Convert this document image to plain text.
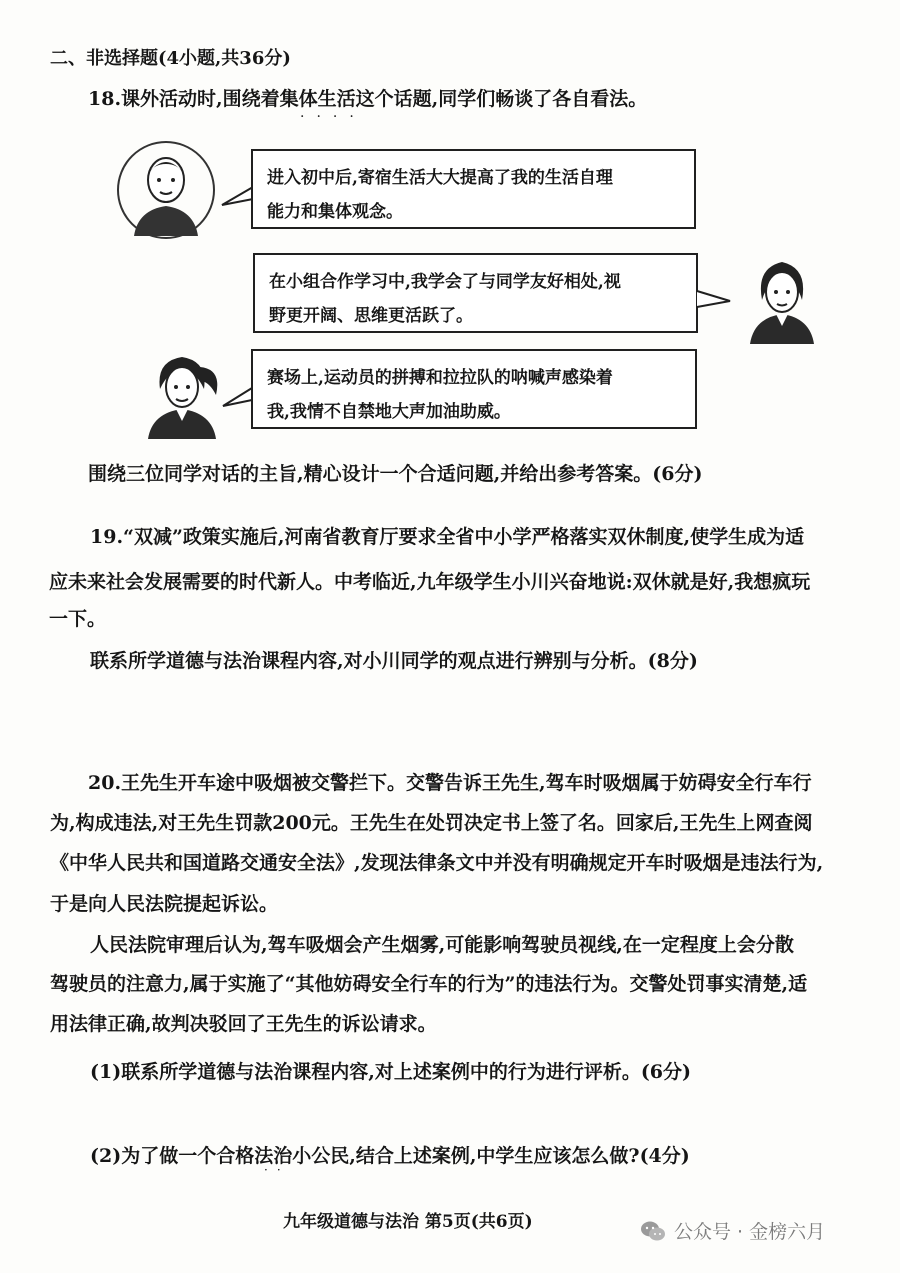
二、非选择题(4小题,共36分)
18.课外活动时,围绕着集体生活这个话题,同学们畅谈了各自看法。
····
进入初中后,寄宿生活大大提高了我的生活自理
能力和集体观念。
在小组合作学习中,我学会了与同学友好相处,视
野更开阔、思维更活跃了。
赛场上,运动员的拼搏和拉拉队的呐喊声感染着
我,我情不自禁地大声加油助威。
围绕三位同学对话的主旨,精心设计一个合适问题,并给出参考答案。(6分)
19.“双减”政策实施后,河南省教育厅要求全省中小学严格落实双休制度,使学生成为适
应未来社会发展需要的时代新人。中考临近,九年级学生小川兴奋地说:双休就是好,我想疯玩
一下。
联系所学道德与法治课程内容,对小川同学的观点进行辨别与分析。(8分)
20.王先生开车途中吸烟被交警拦下。交警告诉王先生,驾车时吸烟属于妨碍安全行车行
为,构成违法,对王先生罚款200元。王先生在处罚决定书上签了名。回家后,王先生上网查阅
《中华人民共和国道路交通安全法》,发现法律条文中并没有明确规定开车时吸烟是违法行为,
于是向人民法院提起诉讼。
人民法院审理后认为,驾车吸烟会产生烟雾,可能影响驾驶员视线,在一定程度上会分散
驾驶员的注意力,属于实施了“其他妨碍安全行车的行为”的违法行为。交警处罚事实清楚,适
用法律正确,故判决驳回了王先生的诉讼请求。
(1)联系所学道德与法治课程内容,对上述案例中的行为进行评析。(6分)
(2)为了做一个合格法治小公民,结合上述案例,中学生应该怎么做?(4分)
··
九年级道德与法治 第5页(共6页)	公众号 · 金榜六月
